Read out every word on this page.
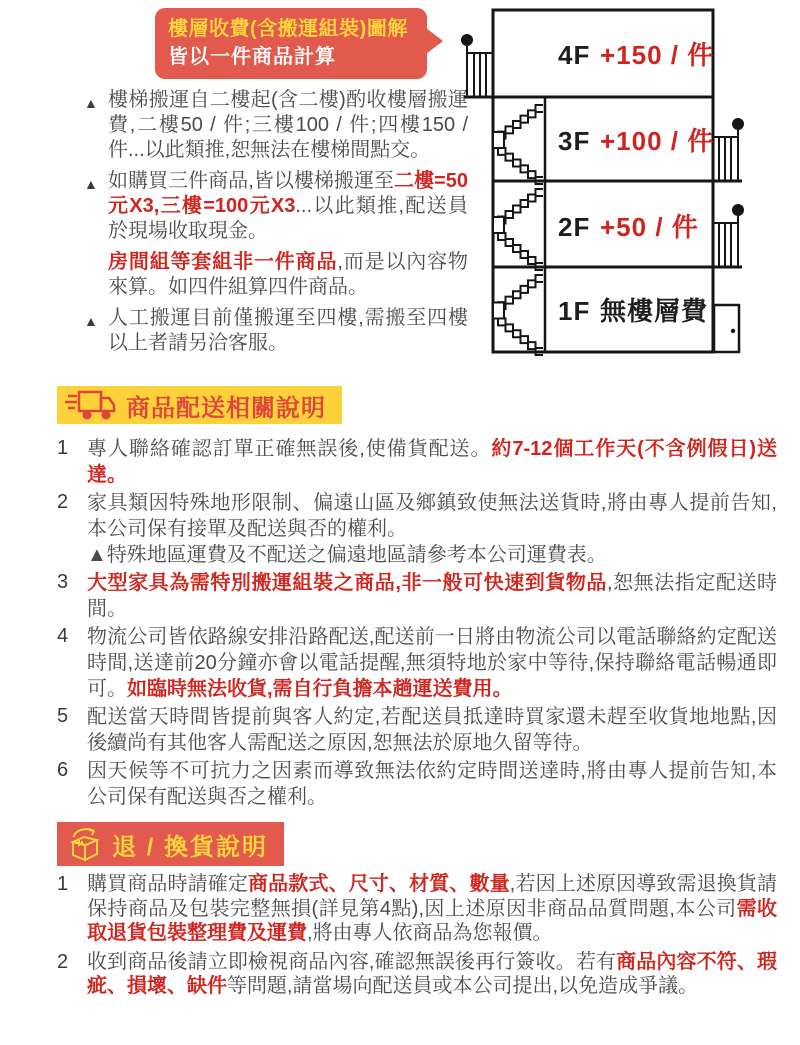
樓層收費(含搬運組裝)圖解
皆以一件商品計算
▲ 樓梯搬運自二樓起(含二樓)酌收樓層搬運費,二樓50 / 件;三樓100 / 件;四樓150 / 件...以此類推,恕無法在樓梯間點交。
▲ 如購買三件商品,皆以樓梯搬運至二樓=50元X3,三樓=100元X3...以此類推,配送員於現場收取現金。
房間組等套組非一件商品,而是以內容物來算。如四件組算四件商品。
▲ 人工搬運目前僅搬運至四樓,需搬至四樓以上者請另洽客服。
4F +150 / 件
3F +100 / 件
2F +50 / 件
1F 無樓層費
商品配送相關說明
1 專人聯絡確認訂單正確無誤後,使備貨配送。約7-12個工作天(不含例假日)送達。
2 家具類因特殊地形限制、偏遠山區及鄉鎮致使無法送貨時,將由專人提前告知,本公司保有接單及配送與否的權利。
▲特殊地區運費及不配送之偏遠地區請參考本公司運費表。
3 大型家具為需特別搬運組裝之商品,非一般可快速到貨物品,恕無法指定配送時間。
4 物流公司皆依路線安排沿路配送,配送前一日將由物流公司以電話聯絡約定配送時間,送達前20分鐘亦會以電話提醒,無須特地於家中等待,保持聯絡電話暢通即可。如臨時無法收貨,需自行負擔本趟運送費用。
5 配送當天時間皆提前與客人約定,若配送員抵達時買家還未趕至收貨地地點,因後續尚有其他客人需配送之原因,恕無法於原地久留等待。
6 因天候等不可抗力之因素而導致無法依約定時間送達時,將由專人提前告知,本公司保有配送與否之權利。
退 / 換貨說明
1 購買商品時請確定商品款式、尺寸、材質、數量,若因上述原因導致需退換貨請保持商品及包裝完整無損(詳見第4點),因上述原因非商品品質問題,本公司需收取退貨包裝整理費及運費,將由專人依商品為您報價。
2 收到商品後請立即檢視商品內容,確認無誤後再行簽收。若有商品內容不符、瑕疵、損壞、缺件等問題,請當場向配送員或本公司提出,以免造成爭議。
